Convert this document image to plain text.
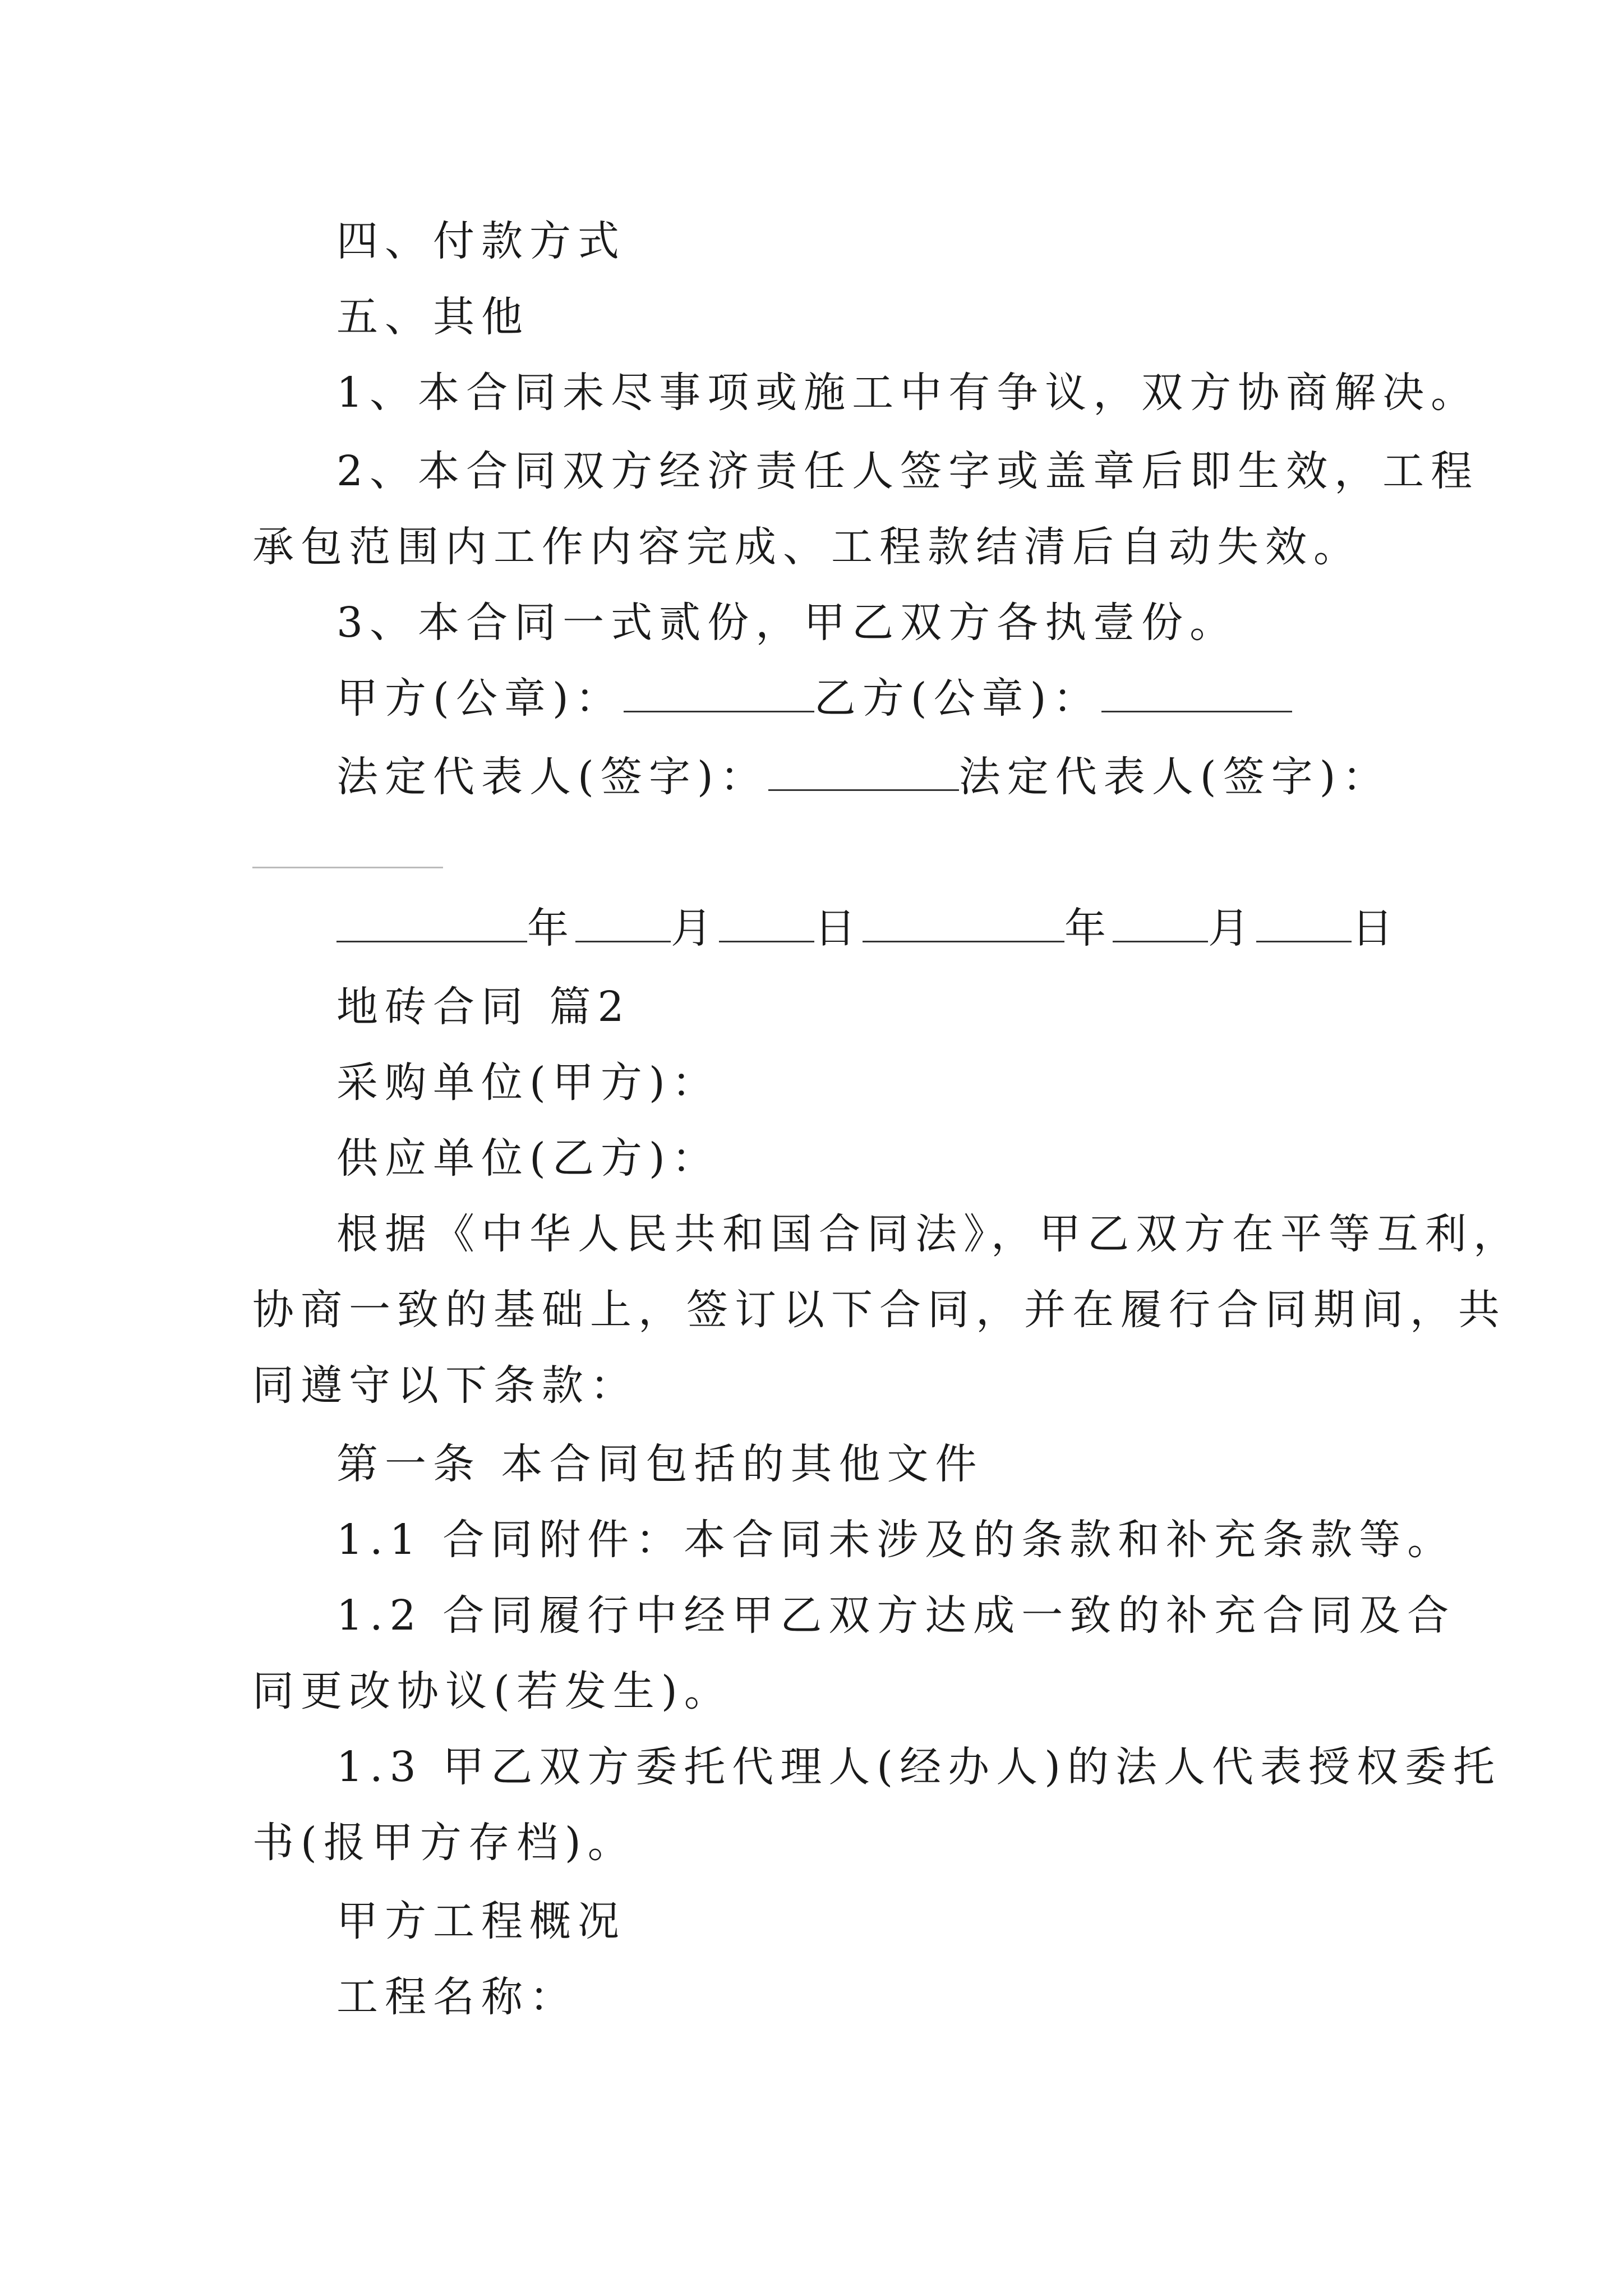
四、付款方式
五、其他
1、本合同未尽事项或施工中有争议，双方协商解决。
2、本合同双方经济责任人签字或盖章后即生效，工程
承包范围内工作内容完成、工程款结清后自动失效。
3、本合同一式贰份，甲乙双方各执壹份。
甲方(公章)：	乙方(公章)：
法定代表人(签字)：	法定代表人(签字)：
年 月 日	年 月 日
地砖合同 篇2
采购单位(甲方)：
供应单位(乙方)：
根据《中华人民共和国合同法》，甲乙双方在平等互利，
协商一致的基础上，签订以下合同，并在履行合同期间，共
同遵守以下条款：
第一条 本合同包括的其他文件
1.1 合同附件：本合同未涉及的条款和补充条款等。
1.2 合同履行中经甲乙双方达成一致的补充合同及合
同更改协议(若发生)。
1.3 甲乙双方委托代理人(经办人)的法人代表授权委托
书(报甲方存档)。
甲方工程概况
工程名称：
